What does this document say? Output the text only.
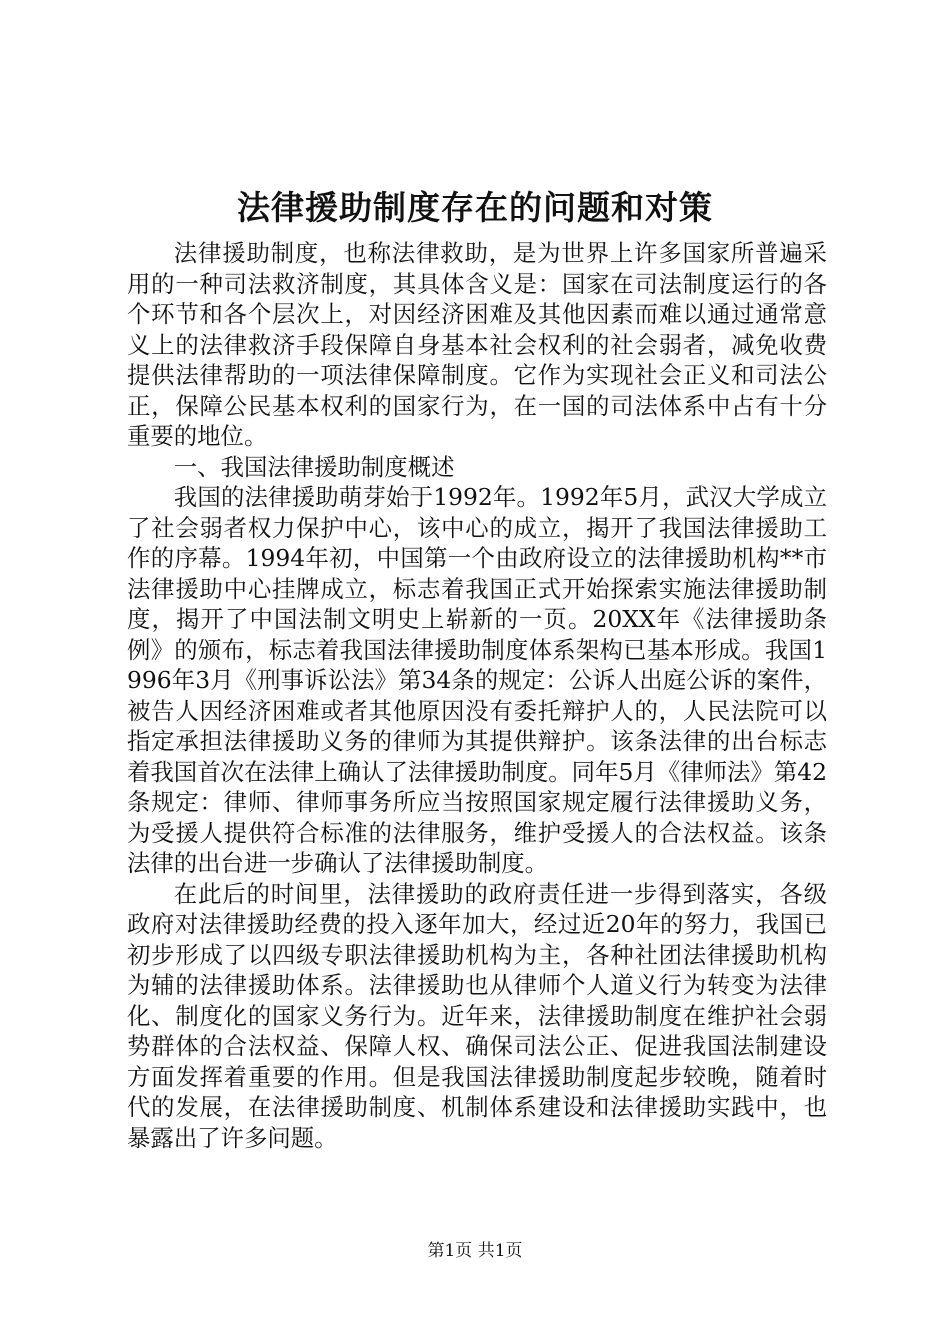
法律援助制度存在的问题和对策

法律援助制度，也称法律救助，是为世界上许多国家所普遍采用的一种司法救济制度，其具体含义是：国家在司法制度运行的各个环节和各个层次上，对因经济困难及其他因素而难以通过通常意义上的法律救济手段保障自身基本社会权利的社会弱者，减免收费提供法律帮助的一项法律保障制度。它作为实现社会正义和司法公正，保障公民基本权利的国家行为，在一国的司法体系中占有十分重要的地位。

一、我国法律援助制度概述

我国的法律援助萌芽始于1992年。1992年5月，武汉大学成立了社会弱者权力保护中心，该中心的成立，揭开了我国法律援助工作的序幕。1994年初，中国第一个由政府设立的法律援助机构**市法律援助中心挂牌成立，标志着我国正式开始探索实施法律援助制度，揭开了中国法制文明史上崭新的一页。20XX年《法律援助条例》的颁布，标志着我国法律援助制度体系架构已基本形成。我国1996年3月《刑事诉讼法》第34条的规定：公诉人出庭公诉的案件，被告人因经济困难或者其他原因没有委托辩护人的，人民法院可以指定承担法律援助义务的律师为其提供辩护。该条法律的出台标志着我国首次在法律上确认了法律援助制度。同年5月《律师法》第42条规定：律师、律师事务所应当按照国家规定履行法律援助义务，为受援人提供符合标准的法律服务，维护受援人的合法权益。该条法律的出台进一步确认了法律援助制度。

在此后的时间里，法律援助的政府责任进一步得到落实，各级政府对法律援助经费的投入逐年加大，经过近20年的努力，我国已初步形成了以四级专职法律援助机构为主，各种社团法律援助机构为辅的法律援助体系。法律援助也从律师个人道义行为转变为法律化、制度化的国家义务行为。近年来，法律援助制度在维护社会弱势群体的合法权益、保障人权、确保司法公正、促进我国法制建设方面发挥着重要的作用。但是我国法律援助制度起步较晚，随着时代的发展，在法律援助制度、机制体系建设和法律援助实践中，也暴露出了许多问题。

第1页 共1页
